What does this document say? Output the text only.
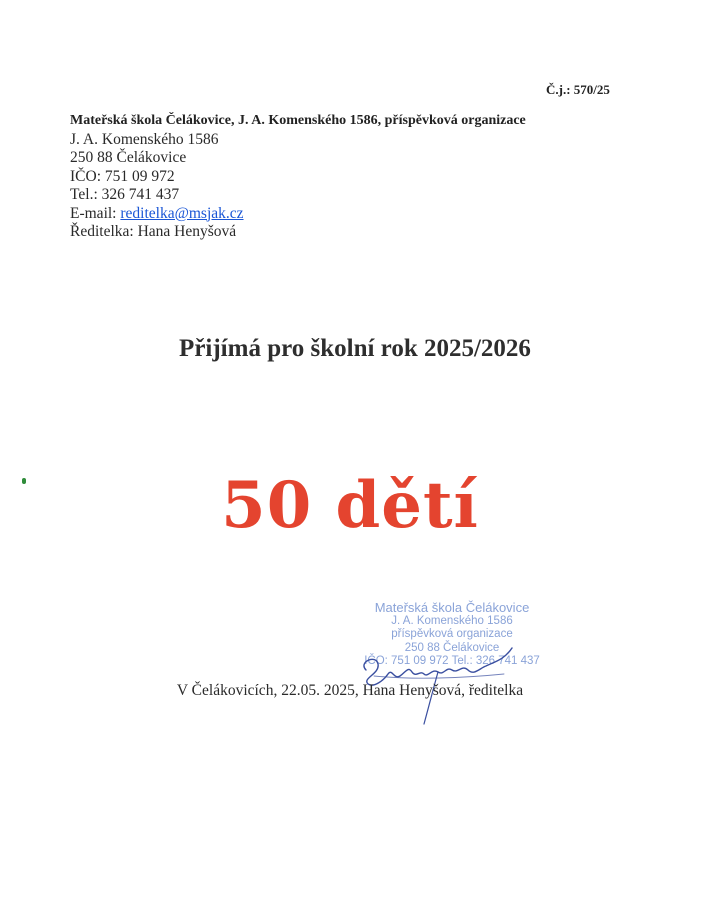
Č.j.: 570/25
Mateřská škola Čelákovice, J. A. Komenského 1586, příspěvková organizace
J. A. Komenského 1586
250 88 Čelákovice
IČO: 751 09 972
Tel.: 326 741 437
E-mail: reditelka@msjak.cz
Ředitelka: Hana Henyšová
Přijímá pro školní rok 2025/2026
50 dětí
Mateřská škola Čelákovice
J. A. Komenského 1586
příspěvková organizace
250 88 Čelákovice
IČO: 751 09 972 Tel.: 326 741 437
V Čelákovicích, 22.05. 2025, Hana Henyšová, ředitelka
